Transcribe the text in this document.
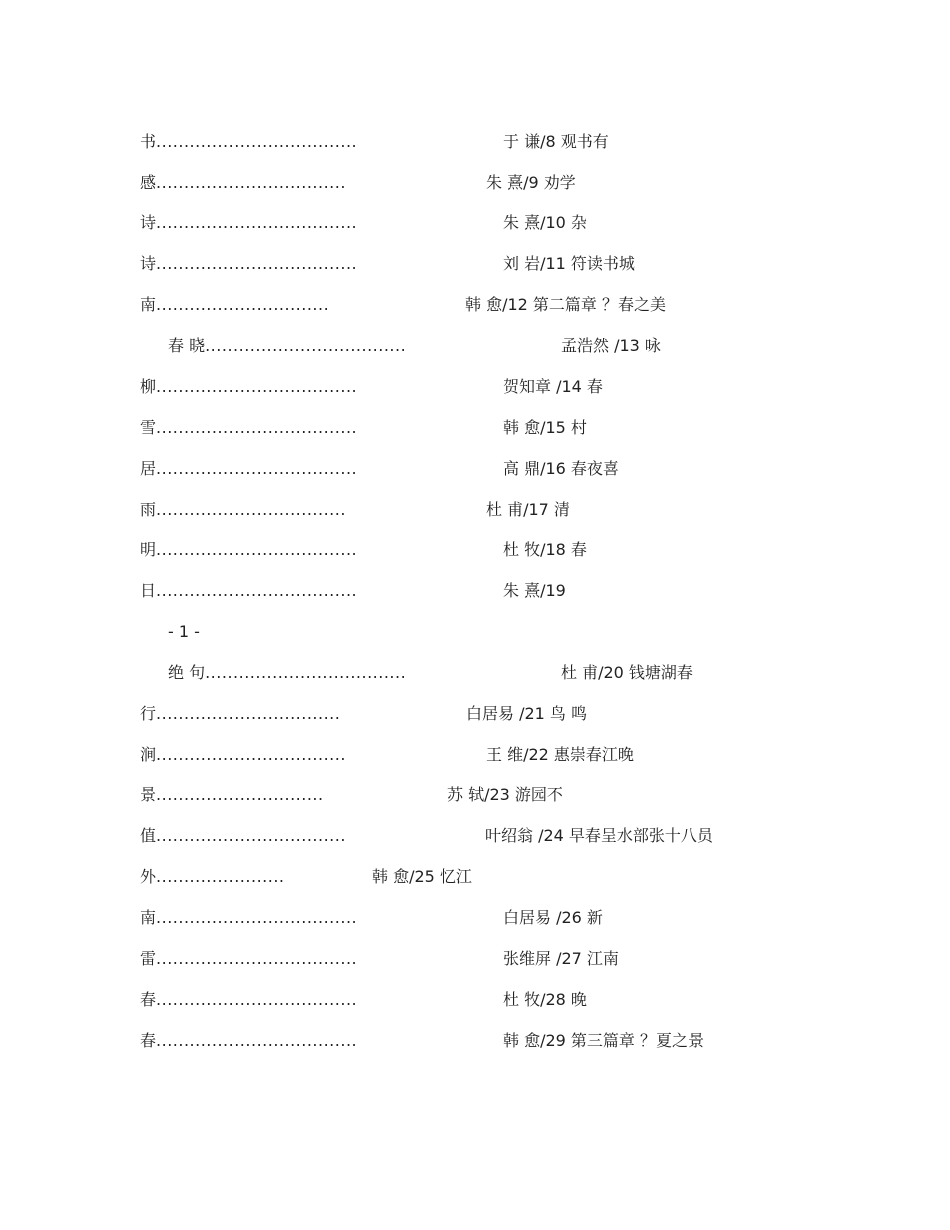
书....................................	于 谦/8 观书有
感..................................	朱 熹/9 劝学
诗....................................	朱 熹/10 杂
诗....................................	刘 岩/11 符读书城
南...............................	韩 愈/12 第二篇章 ？春之美
春 晓....................................	孟浩然 /13 咏
柳....................................	贺知章 /14 春
雪....................................	韩 愈/15 村
居....................................	高 鼎/16 春夜喜
雨..................................	杜 甫/17 清
明....................................	杜 牧/18 春
日....................................	朱 熹/19
- 1 -
绝 句....................................	杜 甫/20 钱塘湖春
行.................................	白居易 /21 鸟 鸣
涧..................................	王 维/22 惠崇春江晚
景..............................	苏 轼/23 游园不
值..................................	叶绍翁 /24 早春呈水部张十八员
外.......................	韩 愈/25 忆江
南....................................	白居易 /26 新
雷....................................	张维屏 /27 江南
春....................................	杜 牧/28 晚
春....................................	韩 愈/29 第三篇章 ？夏之景
